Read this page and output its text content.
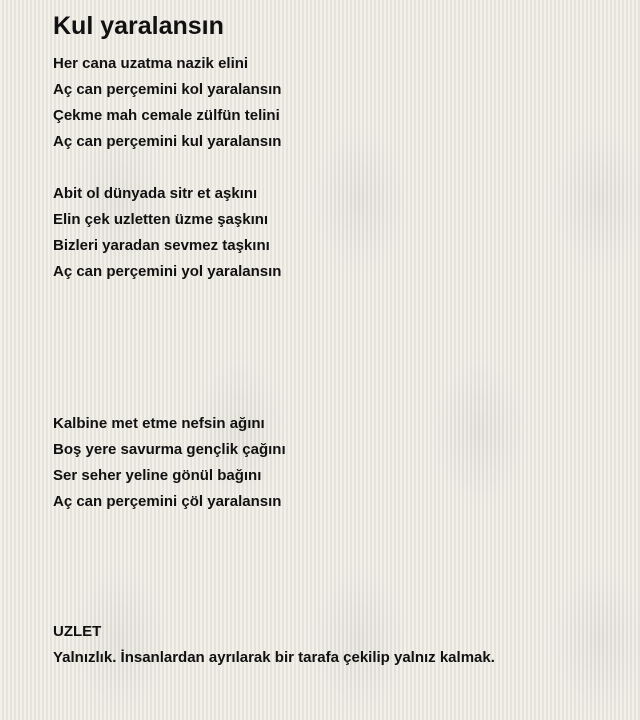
Kul yaralansın
Her cana uzatma nazik elini
Aç can perçemini kol yaralansın
Çekme mah cemale zülfün telini
Aç can perçemini kul yaralansın
Abit ol dünyada sitr et aşkını
Elin çek uzletten üzme şaşkını
Bizleri yaradan sevmez taşkını
Aç can perçemini yol yaralansın
Kalbine met etme nefsin ağını
Boş yere savurma gençlik çağını
Ser seher yeline gönül bağını
Aç can perçemini çöl yaralansın
UZLET
Yalnızlık. İnsanlardan ayrılarak bir tarafa çekilip yalnız kalmak.
